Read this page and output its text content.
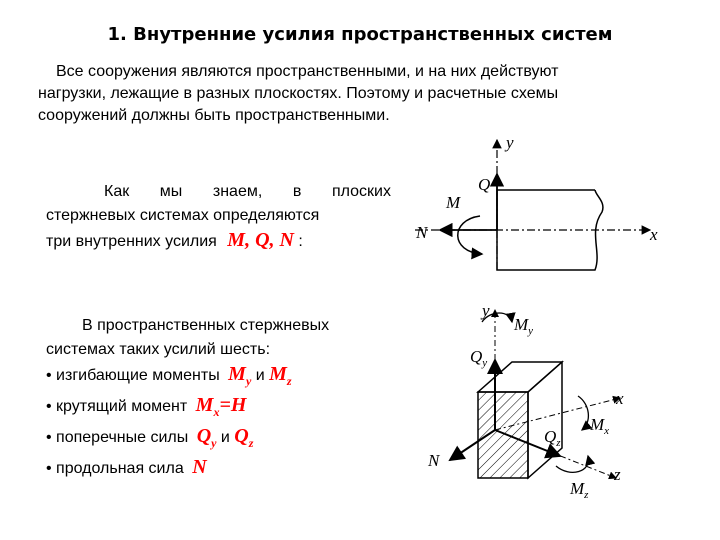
1. Внутренние усилия пространственных систем
Все сооружения являются пространственными, и на них действуют
нагрузки, лежащие в разных плоскостях. Поэтому и расчетные схемы
сооружений должны быть пространственными.
Как мы знаем, в плоских
стержневых системах определяются
три внутренних усилия M, Q, N :
В пространственных стержневых
системах таких усилий шесть:
• изгибающие моменты $M_y$ и $M_z$
• крутящий момент $M_x=H$
• поперечные силы $Q_y$ и $Q_z$
• продольная сила N
y
Q
M
N	x
y
$M_y$
$Q_y$
x
$M_x$
$Q_z$
N
z
$M_z$
